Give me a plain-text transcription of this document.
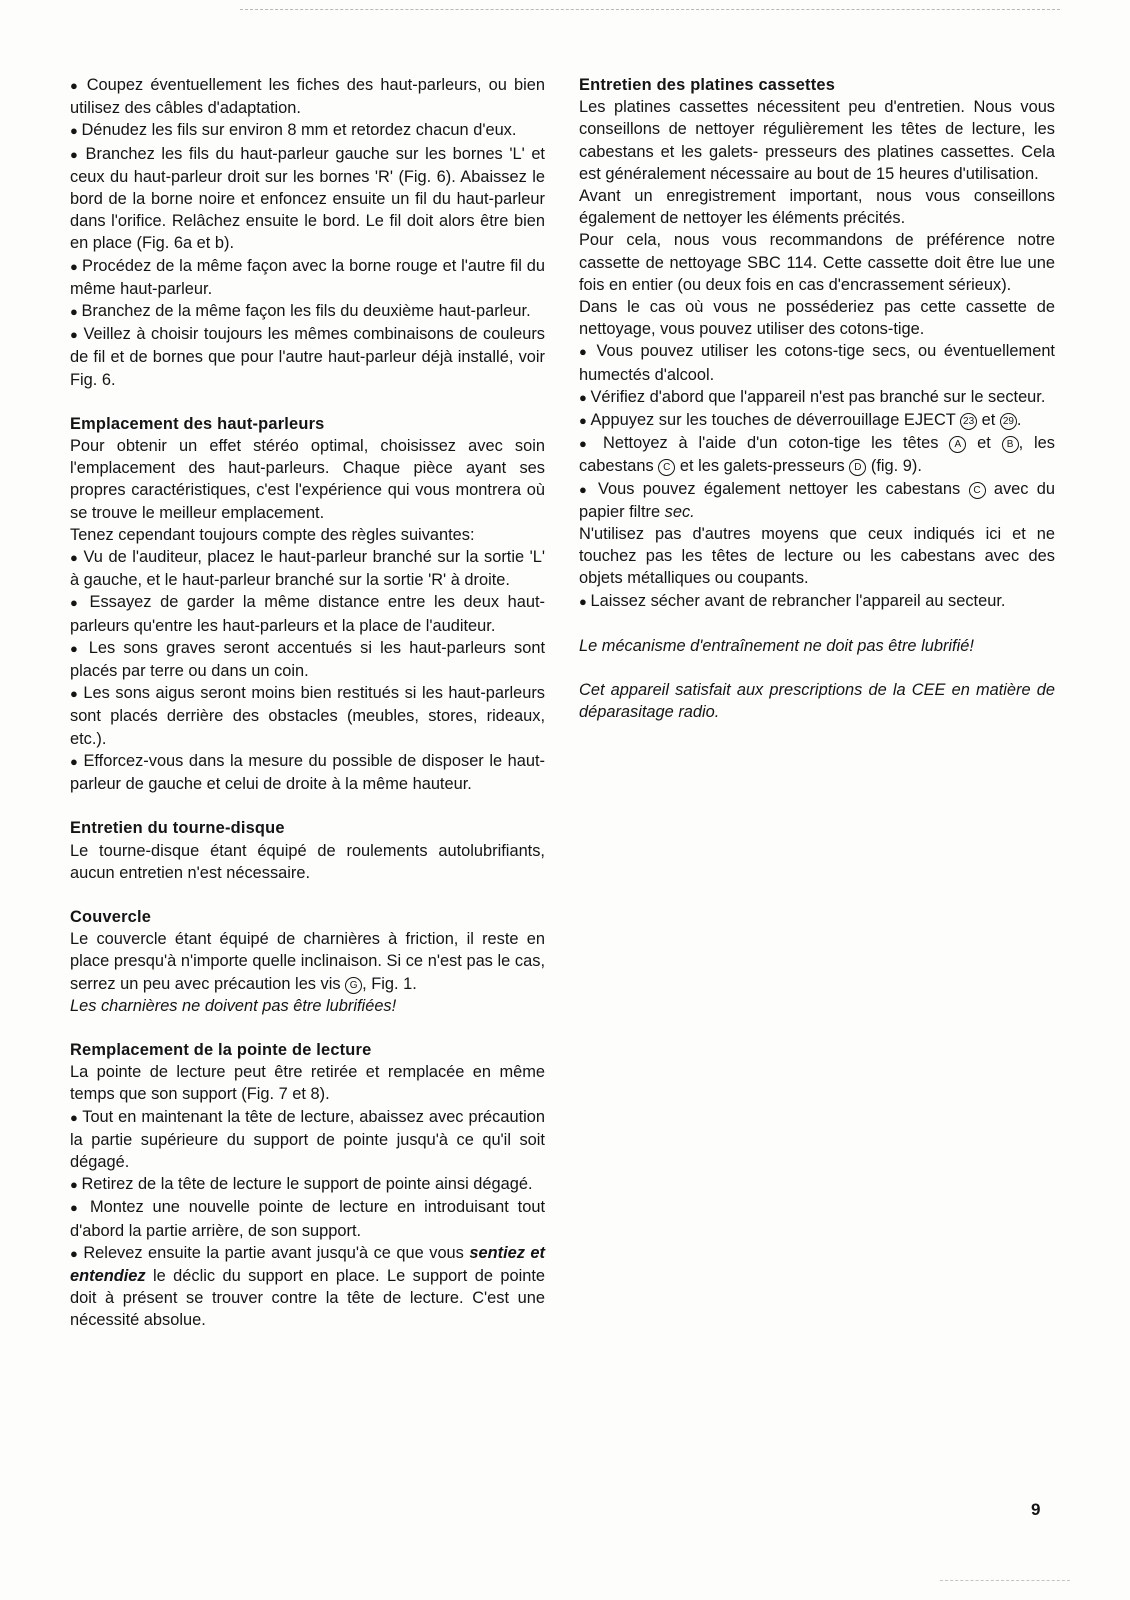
● Coupez éventuellement les fiches des haut-parleurs, ou bien utilisez des câbles d'adaptation.

● Dénudez les fils sur environ 8 mm et retordez chacun d'eux.

● Branchez les fils du haut-parleur gauche sur les bornes 'L' et ceux du haut-parleur droit sur les bornes 'R' (Fig. 6). Abaissez le bord de la borne noire et enfoncez ensuite un fil du haut-parleur dans l'orifice. Relâchez ensuite le bord. Le fil doit alors être bien en place (Fig. 6a et b).

● Procédez de la même façon avec la borne rouge et l'autre fil du même haut-parleur.

● Branchez de la même façon les fils du deuxième haut-parleur.

● Veillez à choisir toujours les mêmes combinaisons de couleurs de fil et de bornes que pour l'autre haut-parleur déjà installé, voir Fig. 6.

Emplacement des haut-parleurs

Pour obtenir un effet stéréo optimal, choisissez avec soin l'emplacement des haut-parleurs. Chaque pièce ayant ses propres caractéristiques, c'est l'expérience qui vous montrera où se trouve le meilleur emplacement.

Tenez cependant toujours compte des règles suivantes:

● Vu de l'auditeur, placez le haut-parleur branché sur la sortie 'L' à gauche, et le haut-parleur branché sur la sortie 'R' à droite.

● Essayez de garder la même distance entre les deux haut-parleurs qu'entre les haut-parleurs et la place de l'auditeur.

● Les sons graves seront accentués si les haut-parleurs sont placés par terre ou dans un coin.

● Les sons aigus seront moins bien restitués si les haut-parleurs sont placés derrière des obstacles (meubles, stores, rideaux, etc.).

● Efforcez-vous dans la mesure du possible de disposer le haut-parleur de gauche et celui de droite à la même hauteur.

Entretien du tourne-disque

Le tourne-disque étant équipé de roulements autolubrifiants, aucun entretien n'est nécessaire.

Couvercle

Le couvercle étant équipé de charnières à friction, il reste en place presqu'à n'importe quelle inclinaison. Si ce n'est pas le cas, serrez un peu avec précaution les vis G , Fig. 1.

Les charnières ne doivent pas être lubrifiées!

Remplacement de la pointe de lecture

La pointe de lecture peut être retirée et remplacée en même temps que son support (Fig. 7 et 8).

● Tout en maintenant la tête de lecture, abaissez avec précaution la partie supérieure du support de pointe jusqu'à ce qu'il soit dégagé.

● Retirez de la tête de lecture le support de pointe ainsi dégagé.

● Montez une nouvelle pointe de lecture en introduisant tout d'abord la partie arrière, de son support.

● Relevez ensuite la partie avant jusqu'à ce que vous sentiez et entendiez le déclic du support en place. Le support de pointe doit à présent se trouver contre la tête de lecture. C'est une nécessité absolue.

Entretien des platines cassettes

Les platines cassettes nécessitent peu d'entretien. Nous vous conseillons de nettoyer régulièrement les têtes de lecture, les cabestans et les galets- presseurs des platines cassettes. Cela est généralement nécessaire au bout de 15 heures d'utilisation.

Avant un enregistrement important, nous vous conseillons également de nettoyer les éléments précités.

Pour cela, nous vous recommandons de préférence notre cassette de nettoyage SBC 114. Cette cassette doit être lue une fois en entier (ou deux fois en cas d'encrassement sérieux).

Dans le cas où vous ne posséderiez pas cette cassette de nettoyage, vous pouvez utiliser des cotons-tige.

● Vous pouvez utiliser les cotons-tige secs, ou éventuellement humectés d'alcool.

● Vérifiez d'abord que l'appareil n'est pas branché sur le secteur.

● Appuyez sur les touches de déverrouillage EJECT 23 et 29 .

● Nettoyez à l'aide d'un coton-tige les têtes A et B , les cabestans C et les galets-presseurs D (fig. 9).

● Vous pouvez également nettoyer les cabestans C avec du papier filtre sec.

N'utilisez pas d'autres moyens que ceux indiqués ici et ne touchez pas les têtes de lecture ou les cabestans avec des objets métalliques ou coupants.

● Laissez sécher avant de rebrancher l'appareil au secteur.

Le mécanisme d'entraînement ne doit pas être lubrifié!

Cet appareil satisfait aux prescriptions de la CEE en matière de déparasitage radio.

9
